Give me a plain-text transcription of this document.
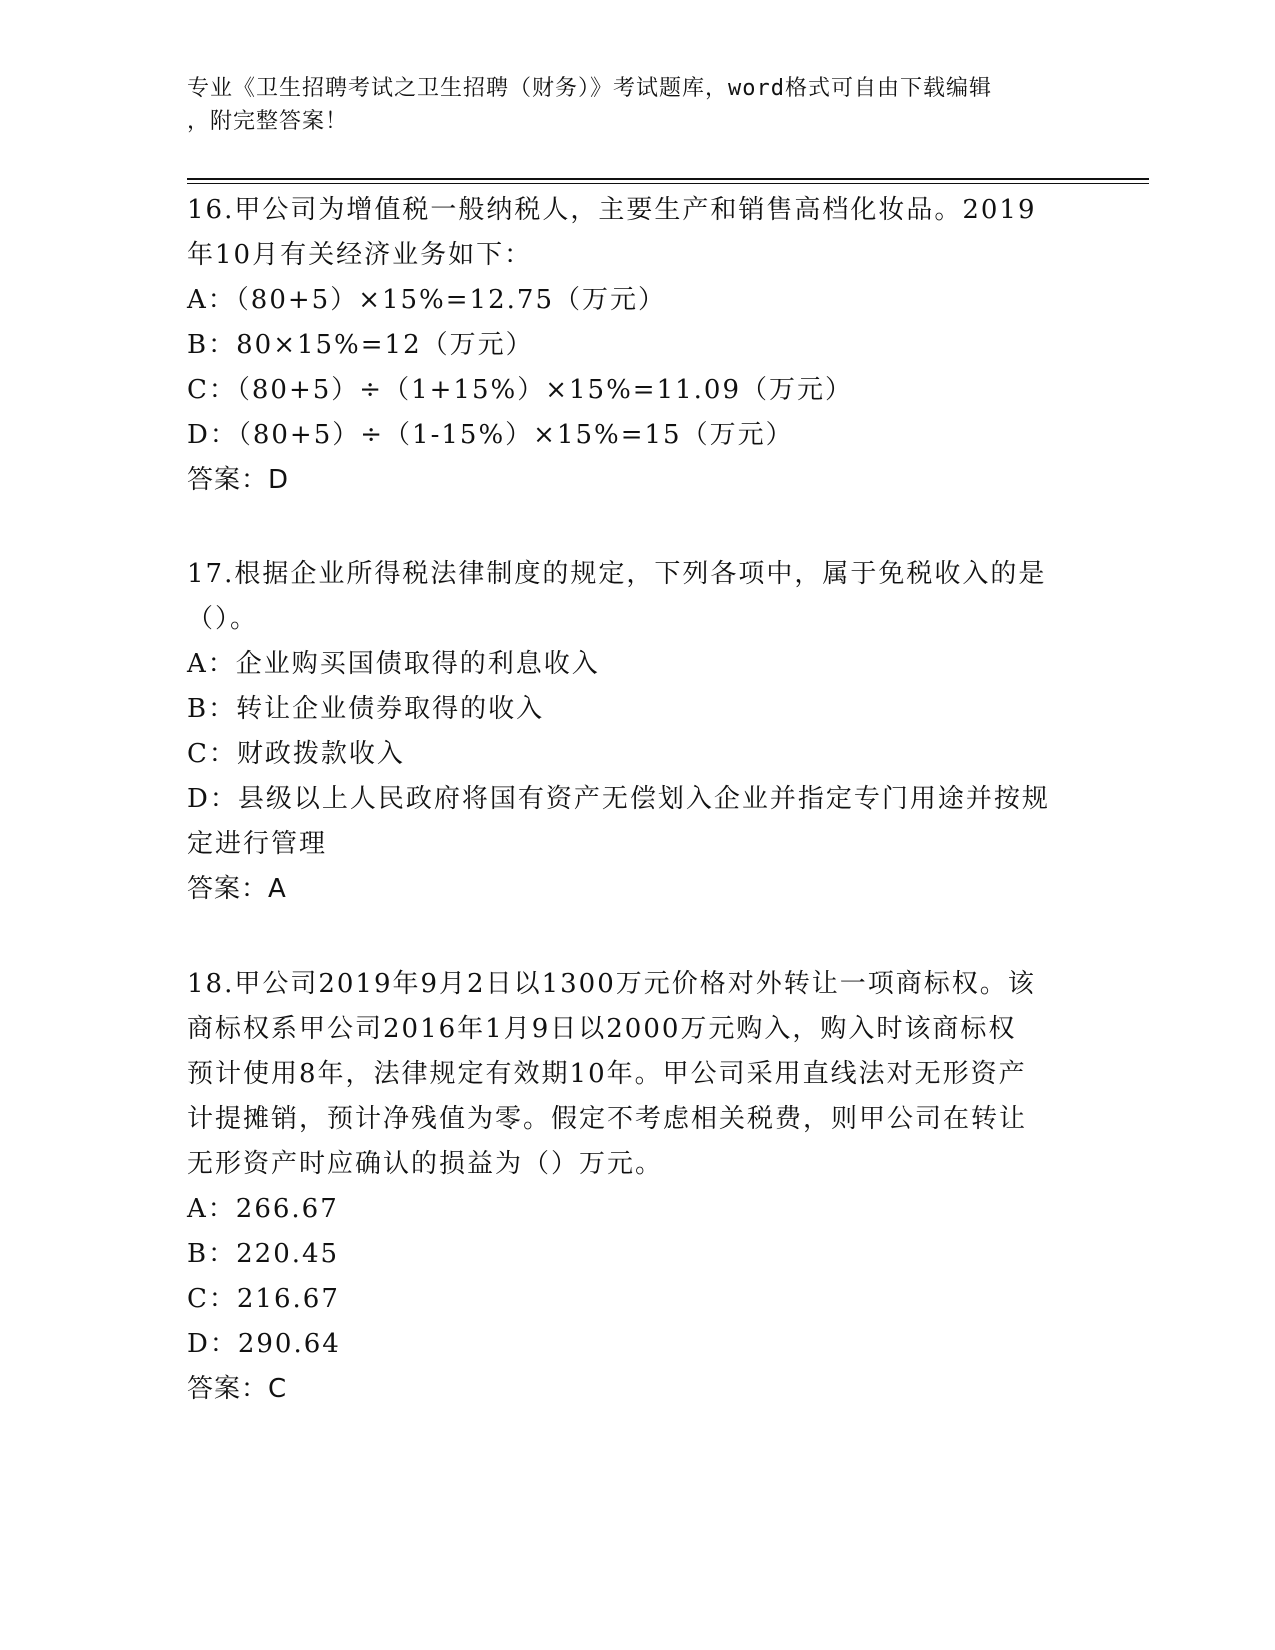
专业《卫生招聘考试之卫生招聘（财务）》考试题库，word格式可自由下载编辑
，附完整答案！
16.甲公司为增值税一般纳税人，主要生产和销售高档化妆品。2019
年10月有关经济业务如下：
A：（80+5）×15%=12.75（万元）
B：80×15%=12（万元）
C：（80+5）÷（1+15%）×15%=11.09（万元）
D：（80+5）÷（1-15%）×15%=15（万元）
答案：D
17.根据企业所得税法律制度的规定，下列各项中，属于免税收入的是
（）。
A：企业购买国债取得的利息收入
B：转让企业债券取得的收入
C：财政拨款收入
D：县级以上人民政府将国有资产无偿划入企业并指定专门用途并按规
定进行管理
答案：A
18.甲公司2019年9月2日以1300万元价格对外转让一项商标权。该
商标权系甲公司2016年1月9日以2000万元购入，购入时该商标权
预计使用8年，法律规定有效期10年。甲公司采用直线法对无形资产
计提摊销，预计净残值为零。假定不考虑相关税费，则甲公司在转让
无形资产时应确认的损益为（）万元。
A：266.67
B：220.45
C：216.67
D：290.64
答案：C
